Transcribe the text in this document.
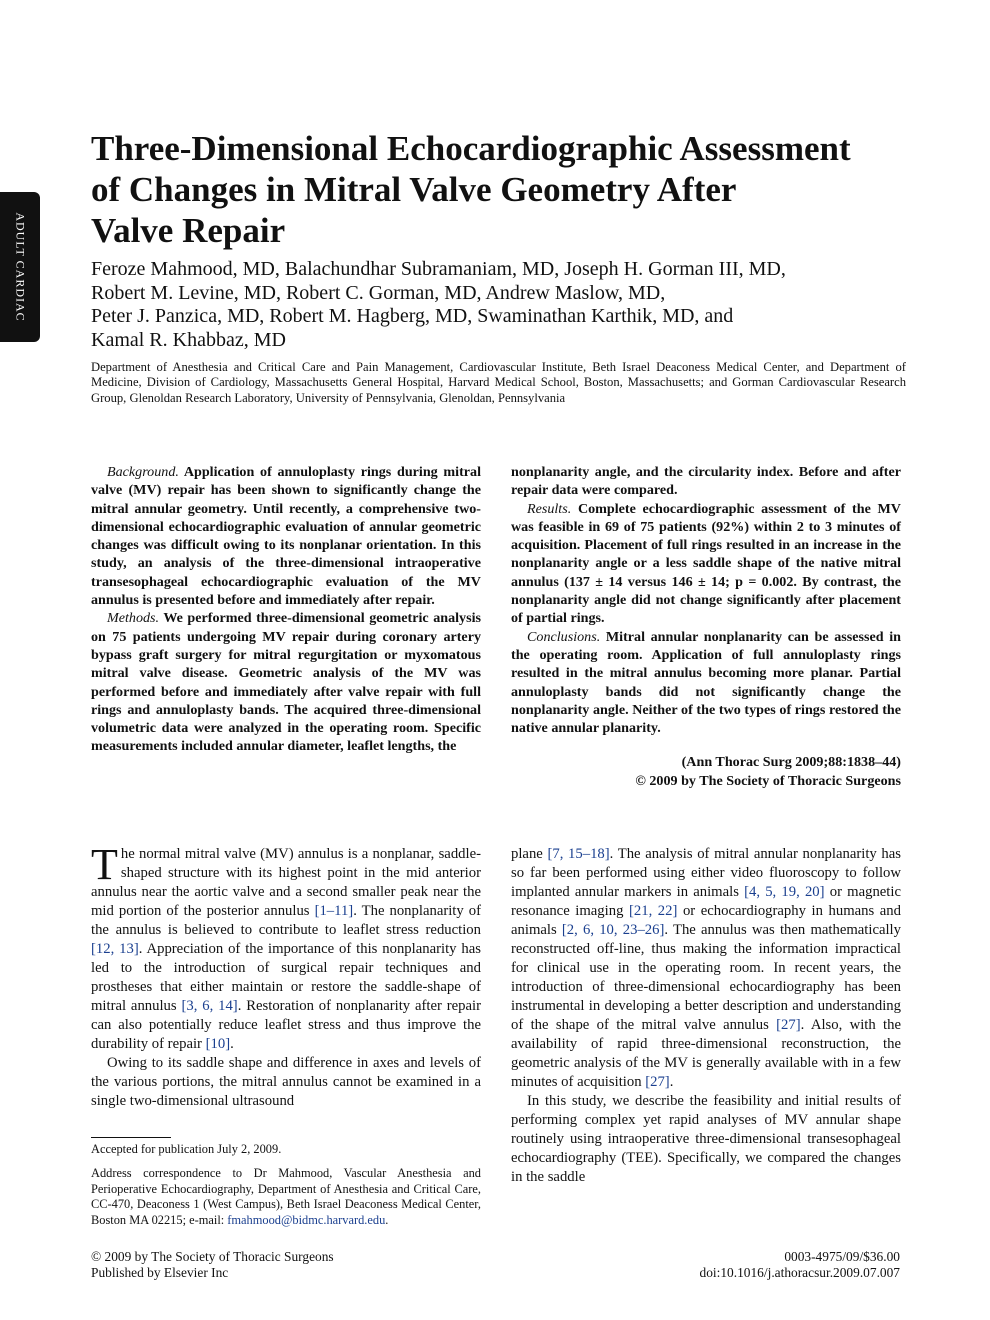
ADULT CARDIAC
Three-Dimensional Echocardiographic Assessment
of Changes in Mitral Valve Geometry After
Valve Repair
Feroze Mahmood, MD, Balachundhar Subramaniam, MD, Joseph H. Gorman III, MD,
Robert M. Levine, MD, Robert C. Gorman, MD, Andrew Maslow, MD,
Peter J. Panzica, MD, Robert M. Hagberg, MD, Swaminathan Karthik, MD, and
Kamal R. Khabbaz, MD
Department of Anesthesia and Critical Care and Pain Management, Cardiovascular Institute, Beth Israel Deaconess Medical Center, and Department of Medicine, Division of Cardiology, Massachusetts General Hospital, Harvard Medical School, Boston, Massachusetts; and Gorman Cardiovascular Research Group, Glenoldan Research Laboratory, University of Pennsylvania, Glenoldan, Pennsylvania

Background. Application of annuloplasty rings during mitral valve (MV) repair has been shown to significantly change the mitral annular geometry. Until recently, a comprehensive two-dimensional echocardiographic evaluation of annular geometric changes was difficult owing to its nonplanar orientation. In this study, an analysis of the three-dimensional intraoperative transesophageal echocardiographic evaluation of the MV annulus is presented before and immediately after repair.

Methods. We performed three-dimensional geometric analysis on 75 patients undergoing MV repair during coronary artery bypass graft surgery for mitral regurgitation or myxomatous mitral valve disease. Geometric analysis of the MV was performed before and immediately after valve repair with full rings and annuloplasty bands. The acquired three-dimensional volumetric data were analyzed in the operating room. Specific measurements included annular diameter, leaflet lengths, the

nonplanarity angle, and the circularity index. Before and after repair data were compared.

Results. Complete echocardiographic assessment of the MV was feasible in 69 of 75 patients (92%) within 2 to 3 minutes of acquisition. Placement of full rings resulted in an increase in the nonplanarity angle or a less saddle shape of the native mitral annulus (137 ± 14 versus 146 ± 14; p = 0.002. By contrast, the nonplanarity angle did not change significantly after placement of partial rings.

Conclusions. Mitral annular nonplanarity can be assessed in the operating room. Application of full annuloplasty rings resulted in the mitral annulus becoming more planar. Partial annuloplasty bands did not significantly change the nonplanarity angle. Neither of the two types of rings restored the native annular planarity.

(Ann Thorac Surg 2009;88:1838–44)
© 2009 by The Society of Thoracic Surgeons

The normal mitral valve (MV) annulus is a nonplanar, saddle-shaped structure with its highest point in the mid anterior annulus near the aortic valve and a second smaller peak near the mid portion of the posterior annulus [1–11]. The nonplanarity of the annulus is believed to contribute to leaflet stress reduction [12, 13]. Appreciation of the importance of this nonplanarity has led to the introduction of surgical repair techniques and prostheses that either maintain or restore the saddle-shape of mitral annulus [3, 6, 14]. Restoration of nonplanarity after repair can also potentially reduce leaflet stress and thus improve the durability of repair [10].

Owing to its saddle shape and difference in axes and levels of the various portions, the mitral annulus cannot be examined in a single two-dimensional ultrasound

plane [7, 15–18]. The analysis of mitral annular nonplanarity has so far been performed using either video fluoroscopy to follow implanted annular markers in animals [4, 5, 19, 20] or magnetic resonance imaging [21, 22] or echocardiography in humans and animals [2, 6, 10, 23–26]. The annulus was then mathematically reconstructed off-line, thus making the information impractical for clinical use in the operating room. In recent years, the introduction of three-dimensional echocardiography has been instrumental in developing a better description and understanding of the shape of the mitral valve annulus [27]. Also, with the availability of rapid three-dimensional reconstruction, the geometric analysis of the MV is generally available with in a few minutes of acquisition [27].

In this study, we describe the feasibility and initial results of performing complex yet rapid analyses of MV annular shape routinely using intraoperative three-dimensional transesophageal echocardiography (TEE). Specifically, we compared the changes in the saddle

Accepted for publication July 2, 2009.

Address correspondence to Dr Mahmood, Vascular Anesthesia and Perioperative Echocardiography, Department of Anesthesia and Critical Care, CC-470, Deaconess 1 (West Campus), Beth Israel Deaconess Medical Center, Boston MA 02215; e-mail: fmahmood@bidmc.harvard.edu.

© 2009 by The Society of Thoracic Surgeons
Published by Elsevier Inc
0003-4975/09/$36.00
doi:10.1016/j.athoracsur.2009.07.007
